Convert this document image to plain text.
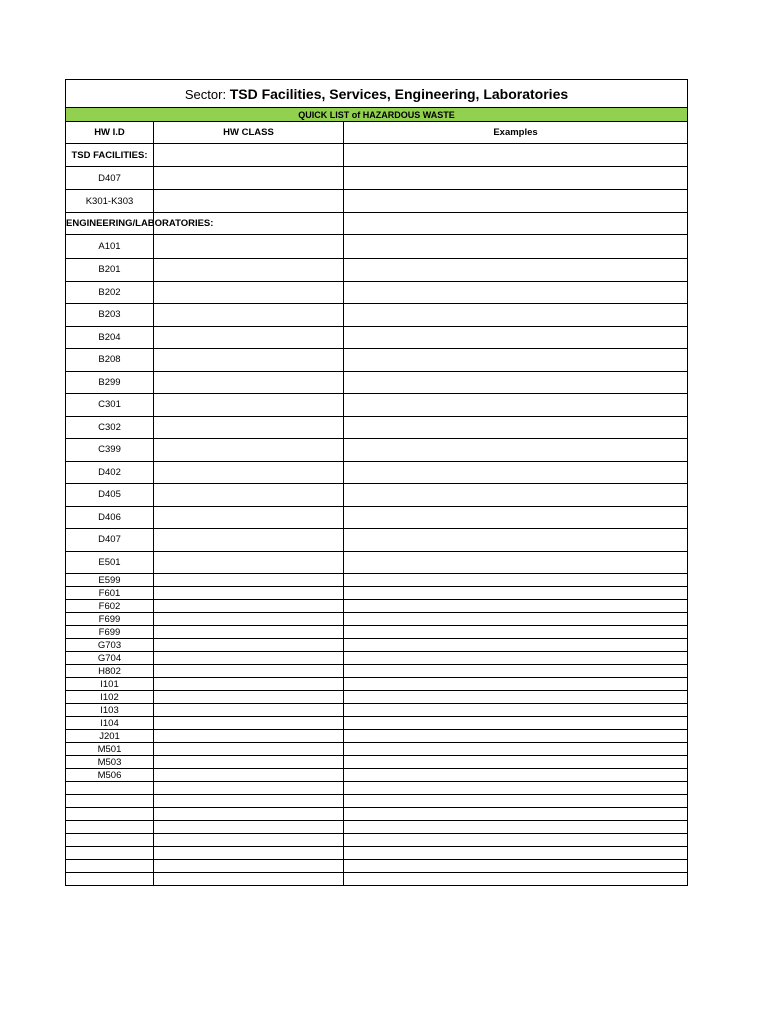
Sector: TSD Facilities, Services, Engineering, Laboratories		
QUICK LIST of HAZARDOUS WASTE		
HW I.D	HW CLASS	Examples
TSD FACILITIES:		
D407		
K301-K303		
ENGINEERING/LABORATORIES:		
A101		
B201		
B202		
B203		
B204		
B208		
B299		
C301		
C302		
C399		
D402		
D405		
D406		
D407		
E501		
E599		
F601		
F602		
F699		
F699		
G703		
G704		
H802		
I101		
I102		
I103		
I104		
J201		
M501		
M503		
M506		
